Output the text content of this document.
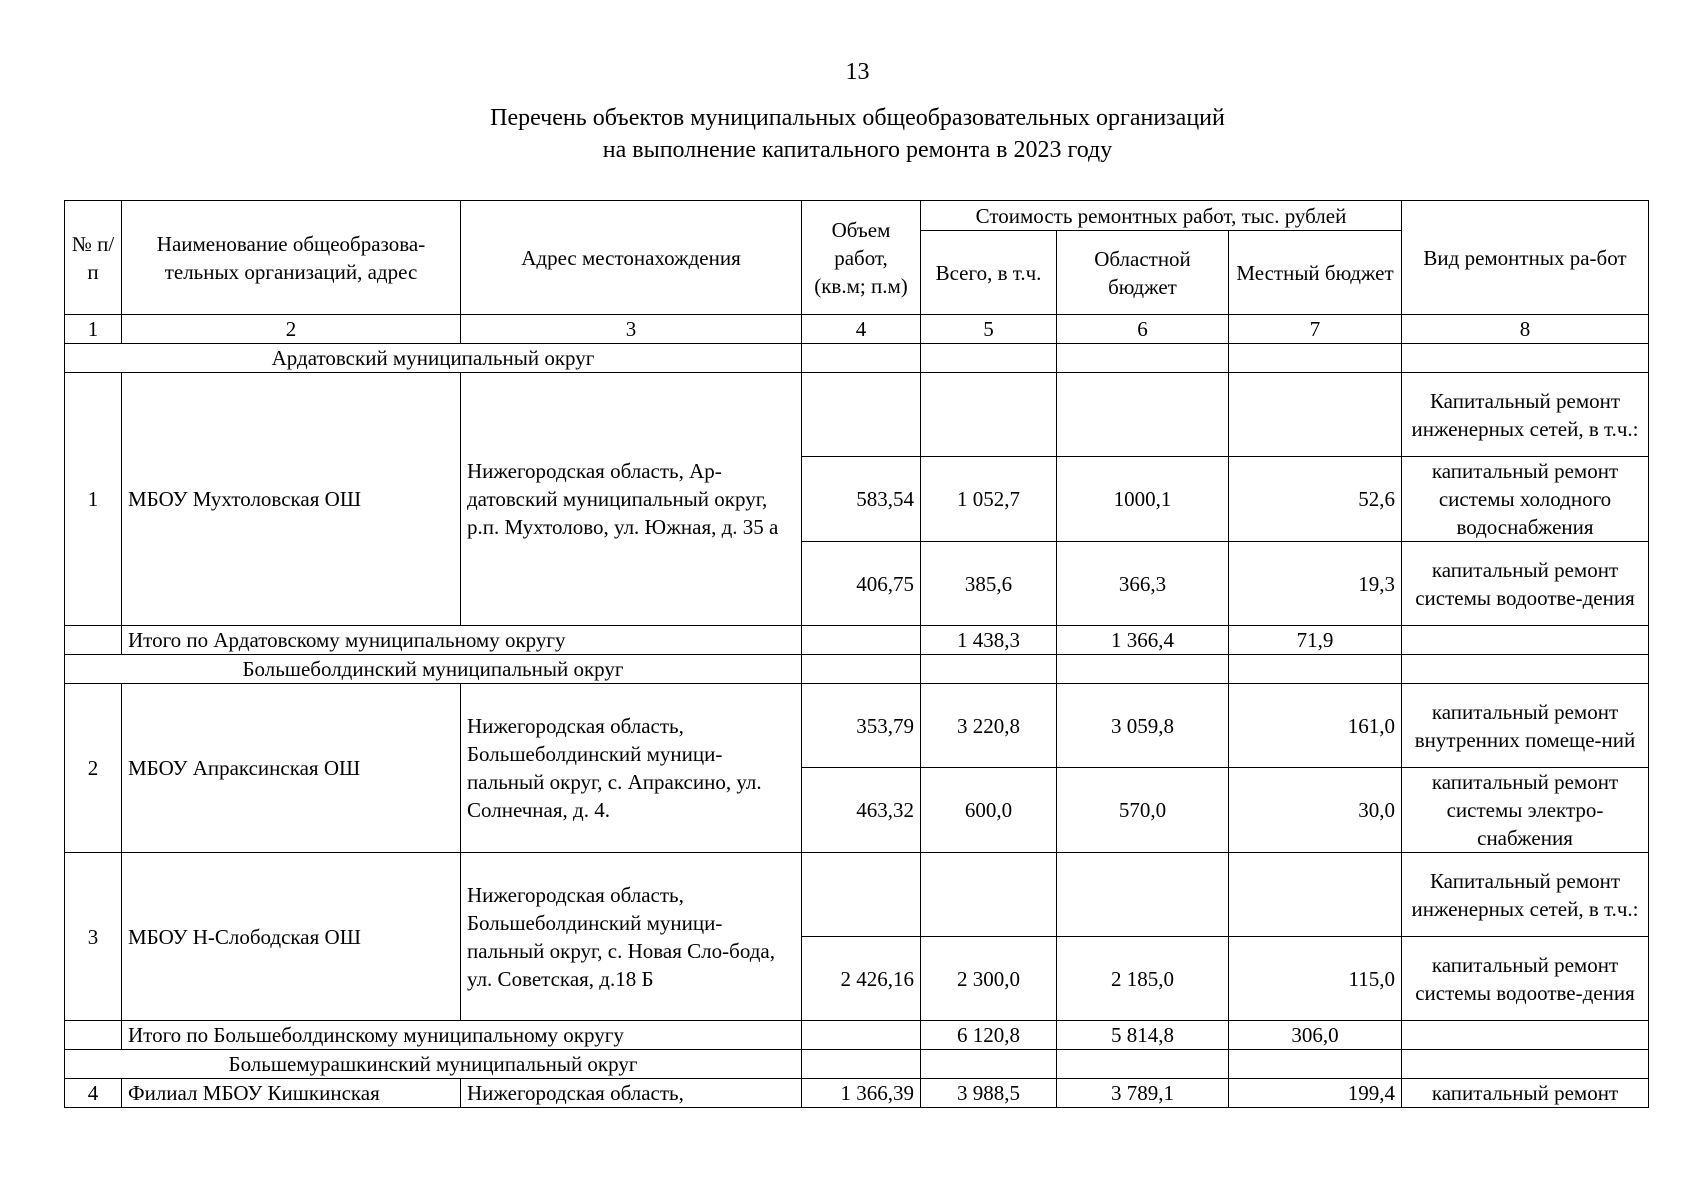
13
Перечень объектов муниципальных общеобразовательных организаций
на выполнение капитального ремонта в 2023 году
№ п/п	Наименование общеобразова-тельных организаций, адрес	Адрес местонахождения	Объем работ, (кв.м; п.м)	Стоимость ремонтных работ, тыс. рублей			Вид ремонтных ра-бот
				Всего, в т.ч.	Областной бюджет	Местный бюджет	
1	2	3	4	5	6	7	8
Ардатовский муниципальный округ							
1	МБОУ Мухтоловская ОШ	Нижегородская область, Ар-датовский муниципальный округ, р.п. Мухтолово, ул. Южная, д. 35 а					Капитальный ремонт инженерных сетей, в т.ч.:
			583,54	1 052,7	1000,1	52,6	капитальный ремонт системы холодного водоснабжения
			406,75	385,6	366,3	19,3	капитальный ремонт системы водоотве-дения
	Итого по Ардатовскому муниципальному округу			1 438,3	1 366,4	71,9	
Большеболдинский муниципальный округ							
2	МБОУ Апраксинская ОШ	Нижегородская область, Большеболдинский муници-пальный округ, с. Апраксино, ул. Солнечная, д. 4.	353,79	3 220,8	3 059,8	161,0	капитальный ремонт внутренних помеще-ний
			463,32	600,0	570,0	30,0	капитальный ремонт системы электро-снабжения
3	МБОУ Н-Слободская ОШ	Нижегородская область, Большеболдинский муници-пальный округ, с. Новая Сло-бода, ул. Советская, д.18 Б					Капитальный ремонт инженерных сетей, в т.ч.:
			2 426,16	2 300,0	2 185,0	115,0	капитальный ремонт системы водоотве-дения
	Итого по Большеболдинскому муниципальному округу			6 120,8	5 814,8	306,0	
Большемурашкинский муниципальный округ							
4	Филиал МБОУ Кишкинская	Нижегородская область,	1 366,39	3 988,5	3 789,1	199,4	капитальный ремонт
